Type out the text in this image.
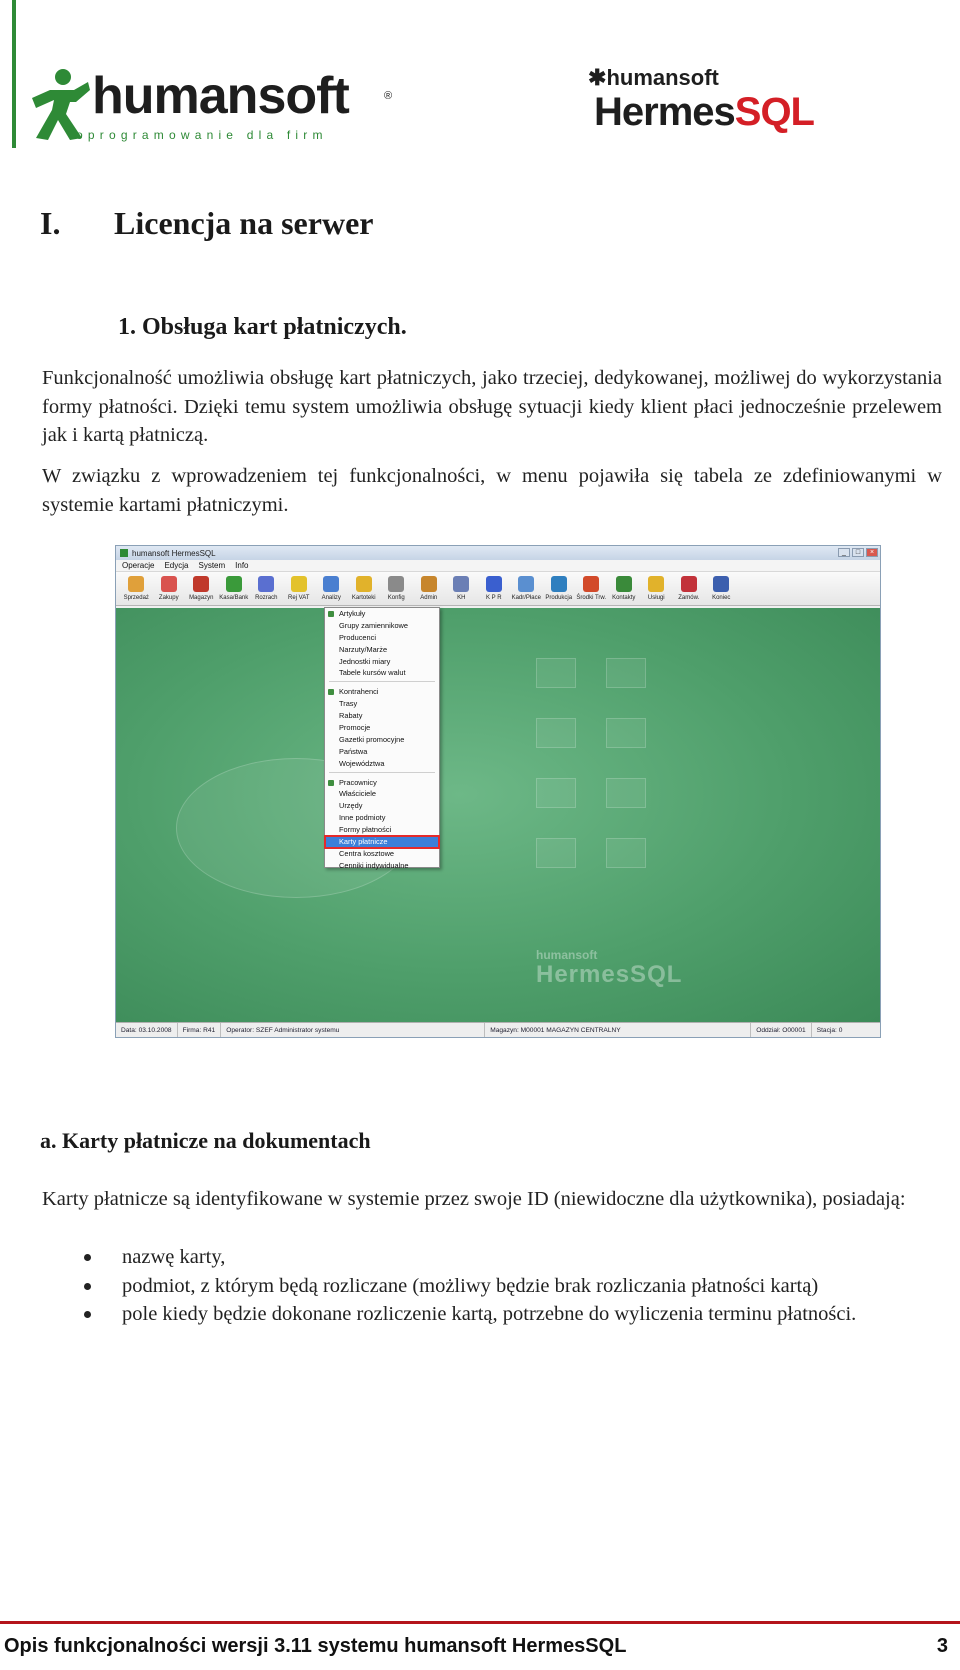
humansoft	®
oprogramowanie dla firm
✱humansoft
HermesSQL
I. Licencja na serwer
1. Obsługa kart płatniczych.

Funkcjonalność umożliwia obsługę kart płatniczych, jako trzeciej, dedykowanej, możliwej do wykorzystania formy płatności. Dzięki temu system umożliwia obsługę sytuacji kiedy klient płaci jednocześnie przelewem jak i kartą płatniczą.

W związku z wprowadzeniem tej funkcjonalności, w menu pojawiła się tabela ze zdefiniowanymi w systemie kartami płatniczymi.

humansoft HermesSQL	_	□	×
Operacje Edycja System Info
Sprzedaż Zakupy Magazyn Kasa/Bank Rozrach Rej VAT Analizy Kartoteki Konfig	Admin	KH	K P R Kadr/Płace Produkcja Środki Trw. Kontakty Usługi Zamów. Koniec
humansoft
HermesSQL
Artykuły
Grupy zamiennikowe
Producenci
Narzuty/Marże
Jednostki miary
Tabele kursów walut
Kontrahenci
Trasy
Rabaty
Promocje
Gazetki promocyjne
Państwa
Województwa
Pracownicy
Właściciele
Urzędy
Inne podmioty
Formy płatności
Karty płatnicze
Centra kosztowe
Cenniki indywidualne
Data: 03.10.2008	Firma: R41	Operator: SZEF Administrator systemu	Magazyn: M00001 MAGAZYN CENTRALNY	Oddział: O00001	Stacja: 0
a. Karty płatnicze na dokumentach

Karty płatnicze są identyfikowane w systemie przez swoje ID (niewidoczne dla użytkownika), posiadają:

nazwę karty,
podmiot, z którym będą rozliczane (możliwy będzie brak rozliczania płatności kartą)
pole kiedy będzie dokonane rozliczenie kartą, potrzebne do wyliczenia terminu płatności.
Opis funkcjonalności wersji 3.11 systemu humansoft HermesSQL	3
